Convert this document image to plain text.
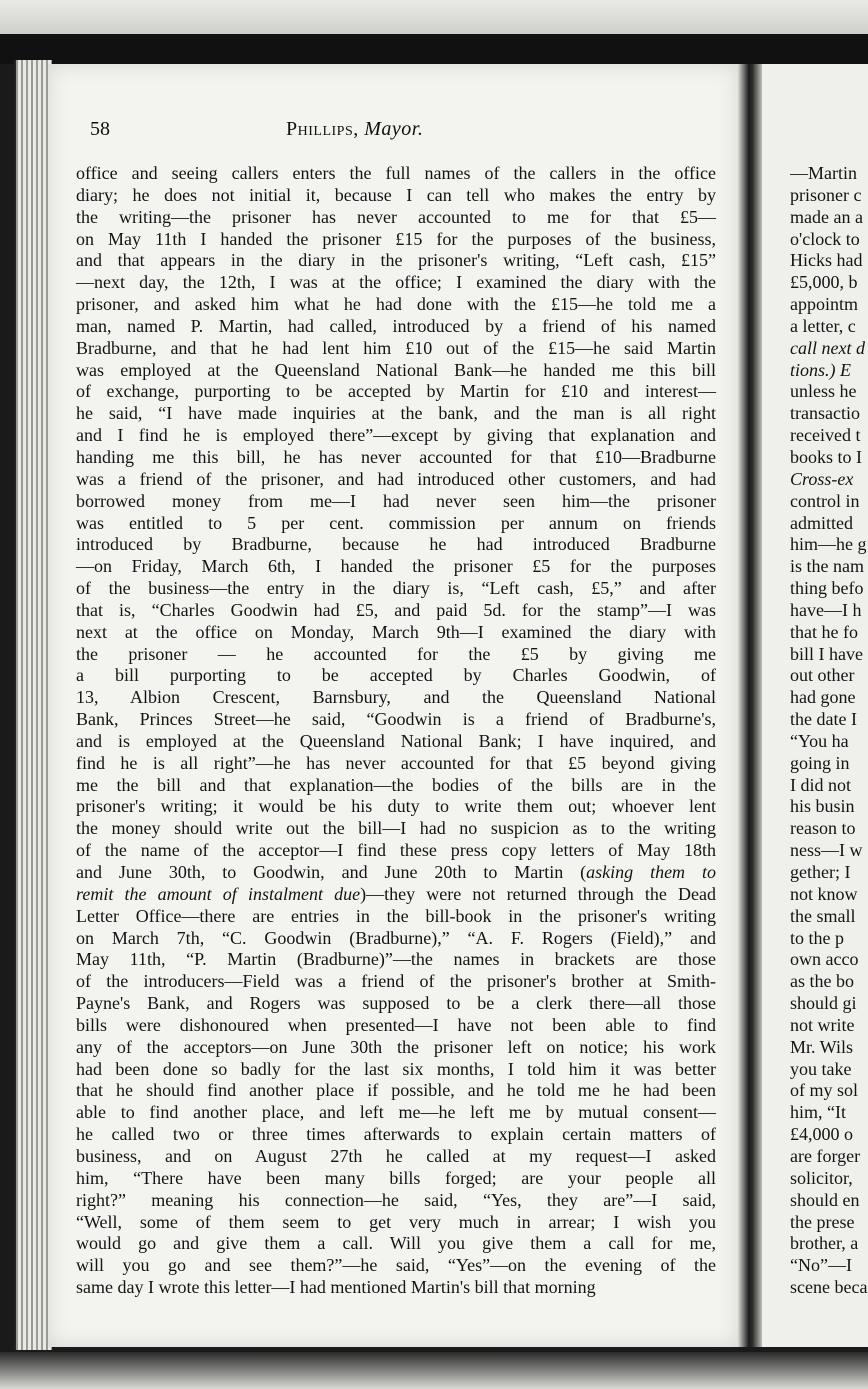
58	Phillips, Mayor.
office and seeing callers enters the full names of the callers in the office
diary; he does not initial it, because I can tell who makes the entry by
the writing—the prisoner has never accounted to me for that £5—
on May 11th I handed the prisoner £15 for the purposes of the business,
and that appears in the diary in the prisoner's writing, “Left cash, £15”
—next day, the 12th, I was at the office; I examined the diary with the
prisoner, and asked him what he had done with the £15—he told me a
man, named P. Martin, had called, introduced by a friend of his named
Bradburne, and that he had lent him £10 out of the £15—he said Martin
was employed at the Queensland National Bank—he handed me this bill
of exchange, purporting to be accepted by Martin for £10 and interest—
he said, “I have made inquiries at the bank, and the man is all right
and I find he is employed there”—except by giving that explanation and
handing me this bill, he has never accounted for that £10—Bradburne
was a friend of the prisoner, and had introduced other customers, and had
borrowed money from me—I had never seen him—the prisoner
was entitled to 5 per cent. commission per annum on friends
introduced by Bradburne, because he had introduced Bradburne
—on Friday, March 6th, I handed the prisoner £5 for the purposes
of the business—the entry in the diary is, “Left cash, £5,” and after
that is, “Charles Goodwin had £5, and paid 5d. for the stamp”—I was
next at the office on Monday, March 9th—I examined the diary with
the prisoner — he accounted for the £5 by giving me
a bill purporting to be accepted by Charles Goodwin, of
13, Albion Crescent, Barnsbury, and the Queensland National
Bank, Princes Street—he said, “Goodwin is a friend of Bradburne's,
and is employed at the Queensland National Bank; I have inquired, and
find he is all right”—he has never accounted for that £5 beyond giving
me the bill and that explanation—the bodies of the bills are in the
prisoner's writing; it would be his duty to write them out; whoever lent
the money should write out the bill—I had no suspicion as to the writing
of the name of the acceptor—I find these press copy letters of May 18th
and June 30th, to Goodwin, and June 20th to Martin (asking them to
remit the amount of instalment due)—they were not returned through the Dead
Letter Office—there are entries in the bill-book in the prisoner's writing
on March 7th, “C. Goodwin (Bradburne),” “A. F. Rogers (Field),” and
May 11th, “P. Martin (Bradburne)”—the names in brackets are those
of the introducers—Field was a friend of the prisoner's brother at Smith-
Payne's Bank, and Rogers was supposed to be a clerk there—all those
bills were dishonoured when presented—I have not been able to find
any of the acceptors—on June 30th the prisoner left on notice; his work
had been done so badly for the last six months, I told him it was better
that he should find another place if possible, and he told me he had been
able to find another place, and left me—he left me by mutual consent—
he called two or three times afterwards to explain certain matters of
business, and on August 27th he called at my request—I asked
him, “There have been many bills forged; are your people all
right?” meaning his connection—he said, “Yes, they are”—I said,
“Well, some of them seem to get very much in arrear; I wish you
would go and give them a call. Will you give them a call for me,
will you go and see them?”—he said, “Yes”—on the evening of the
same day I wrote this letter—I had mentioned Martin's bill that morning
—Martin
prisoner c
made an a
o'clock to
Hicks had
£5,000, b
appointm
a letter, c
call next d
tions.) E
unless he
transactio
received t
books to I
Cross-ex
control in
admitted
him—he g
is the nam
thing befo
have—I h
that he fo
bill I have
out other
had gone
the date I
“You ha
going in
I did not
his busin
reason to
ness—I w
gether; I
not know
the small
to the p
own acco
as the bo
should gi
not write
Mr. Wils
you take
of my sol
him, “It
£4,000 o
are forger
solicitor,
should en
the prese
brother, a
“No”—I
scene beca
